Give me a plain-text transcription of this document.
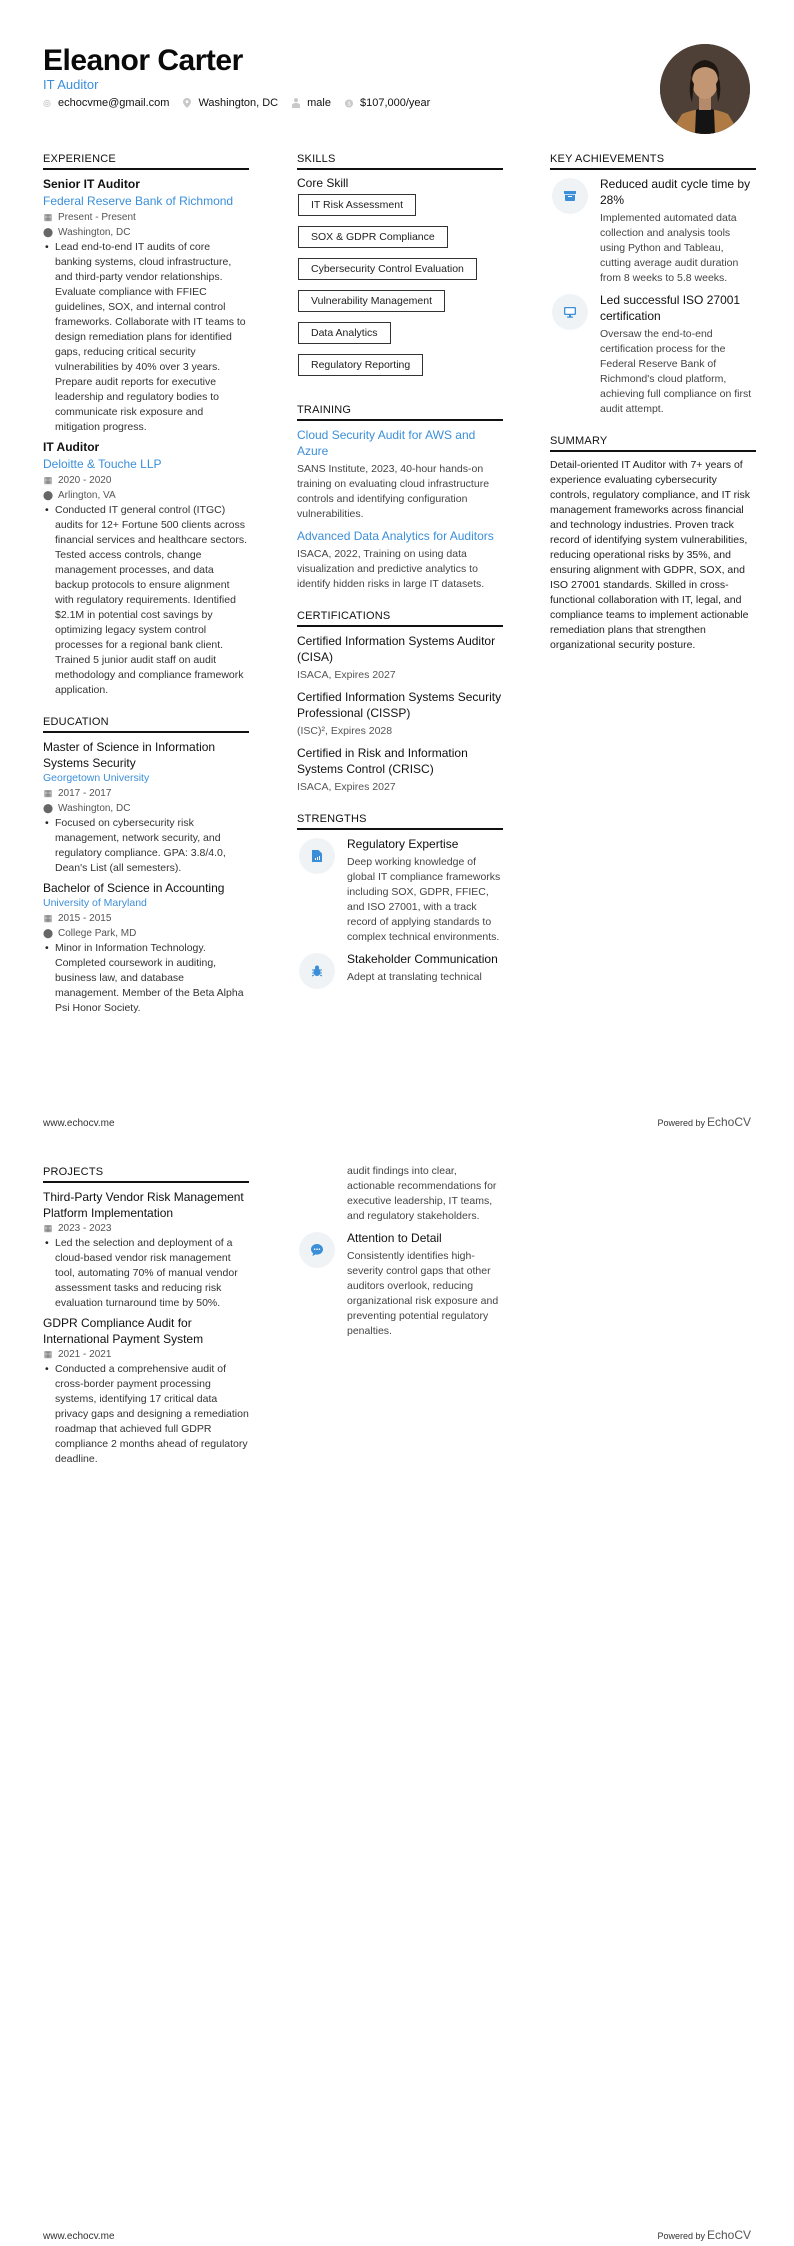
Eleanor Carter
IT Auditor
echocvme@gmail.com	Washington, DC	male $ $107,000/year
EXPERIENCE
Senior IT Auditor
Federal Reserve Bank of Richmond
▦ Present - Present
⬤ Washington, DC
• Lead end-to-end IT audits of core banking systems, cloud infrastructure, and third-party vendor relationships. Evaluate compliance with FFIEC guidelines, SOX, and internal control frameworks. Collaborate with IT teams to design remediation plans for identified gaps, reducing critical security vulnerabilities by 40% over 3 years. Prepare audit reports for executive leadership and regulatory bodies to communicate risk exposure and mitigation progress.
IT Auditor
Deloitte & Touche LLP
▦ 2020 - 2020
⬤ Arlington, VA
• Conducted IT general control (ITGC) audits for 12+ Fortune 500 clients across financial services and healthcare sectors. Tested access controls, change management processes, and data backup protocols to ensure alignment with regulatory requirements. Identified $2.1M in potential cost savings by optimizing legacy system control processes for a regional bank client. Trained 5 junior audit staff on audit methodology and compliance framework application.
EDUCATION
Master of Science in Information Systems Security
Georgetown University
▦ 2017 - 2017
⬤ Washington, DC
• Focused on cybersecurity risk management, network security, and regulatory compliance. GPA: 3.8/4.0, Dean's List (all semesters).
Bachelor of Science in Accounting
University of Maryland
▦ 2015 - 2015
⬤ College Park, MD
• Minor in Information Technology. Completed coursework in auditing, business law, and database management. Member of the Beta Alpha Psi Honor Society.
SKILLS
Core Skill
IT Risk Assessment
SOX & GDPR Compliance
Cybersecurity Control Evaluation
Vulnerability Management
Data Analytics
Regulatory Reporting
TRAINING
Cloud Security Audit for AWS and Azure
SANS Institute, 2023, 40-hour hands-on training on evaluating cloud infrastructure controls and identifying configuration vulnerabilities.
Advanced Data Analytics for Auditors
ISACA, 2022, Training on using data visualization and predictive analytics to identify hidden risks in large IT datasets.
CERTIFICATIONS
Certified Information Systems Auditor (CISA)
ISACA, Expires 2027
Certified Information Systems Security Professional (CISSP)
(ISC)², Expires 2028
Certified in Risk and Information Systems Control (CRISC)
ISACA, Expires 2027
STRENGTHS
Regulatory Expertise
Deep working knowledge of global IT compliance frameworks including SOX, GDPR, FFIEC, and ISO 27001, with a track record of applying standards to complex technical environments.
Stakeholder Communication
Adept at translating technical
KEY ACHIEVEMENTS
Reduced audit cycle time by 28%
Implemented automated data collection and analysis tools using Python and Tableau, cutting average audit duration from 8 weeks to 5.8 weeks.
Led successful ISO 27001 certification
Oversaw the end-to-end certification process for the Federal Reserve Bank of Richmond's cloud platform, achieving full compliance on first audit attempt.
SUMMARY
Detail-oriented IT Auditor with 7+ years of experience evaluating cybersecurity controls, regulatory compliance, and IT risk management frameworks across financial and technology industries. Proven track record of identifying system vulnerabilities, reducing operational risks by 35%, and ensuring alignment with GDPR, SOX, and ISO 27001 standards. Skilled in cross-functional collaboration with IT, legal, and compliance teams to implement actionable remediation plans that strengthen organizational security posture.
www.echocv.me	Powered by EchoCV
PROJECTS
Third-Party Vendor Risk Management Platform Implementation
▦ 2023 - 2023
• Led the selection and deployment of a cloud-based vendor risk management tool, automating 70% of manual vendor assessment tasks and reducing risk evaluation turnaround time by 50%.
GDPR Compliance Audit for International Payment System
▦ 2021 - 2021
• Conducted a comprehensive audit of cross-border payment processing systems, identifying 17 critical data privacy gaps and designing a remediation roadmap that achieved full GDPR compliance 2 months ahead of regulatory deadline.
audit findings into clear, actionable recommendations for executive leadership, IT teams, and regulatory stakeholders.
Attention to Detail
Consistently identifies high-severity control gaps that other auditors overlook, reducing organizational risk exposure and preventing potential regulatory penalties.
www.echocv.me	Powered by EchoCV
